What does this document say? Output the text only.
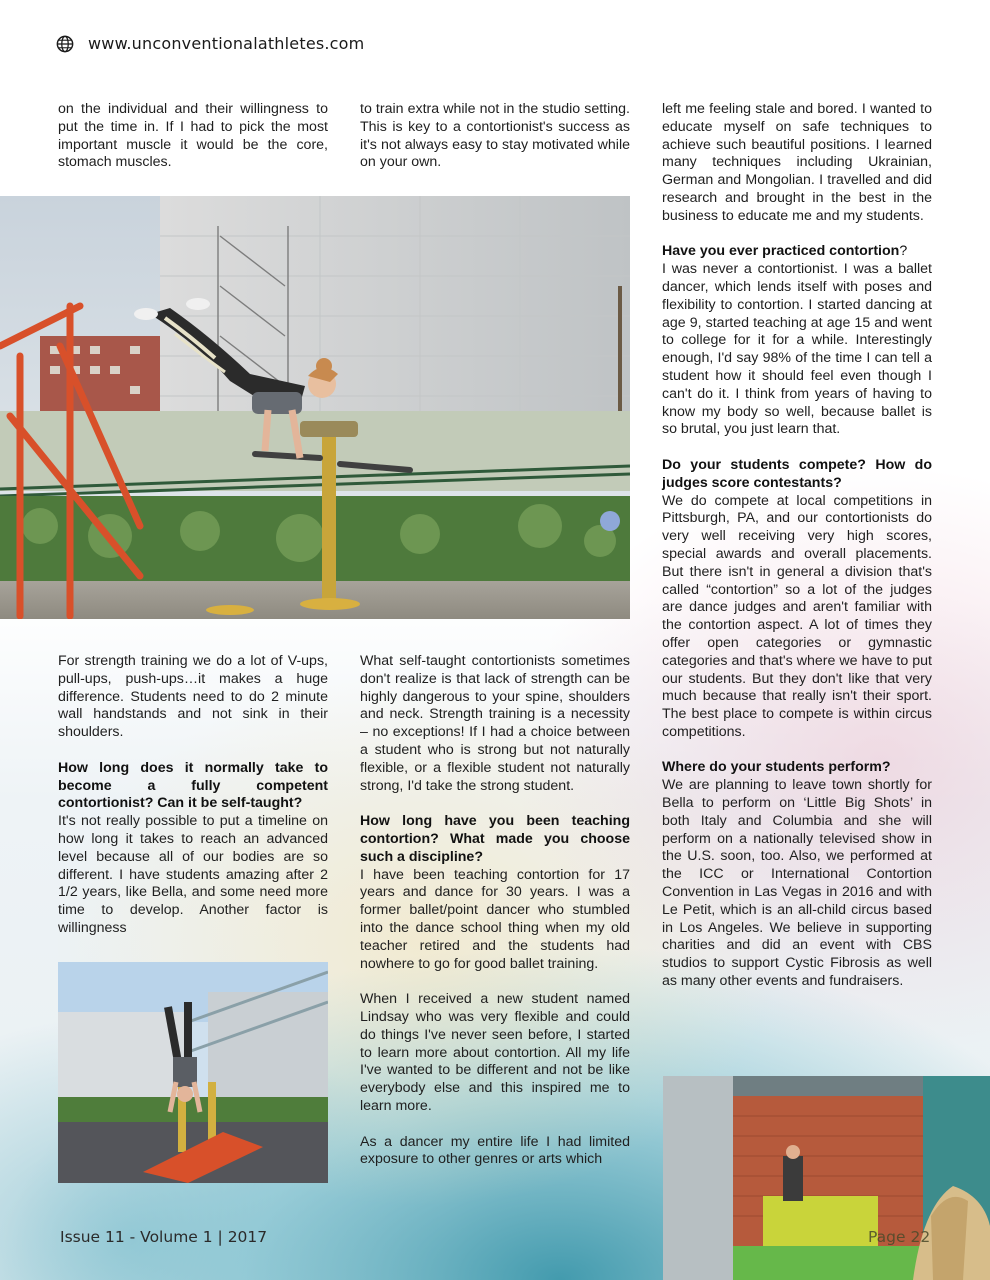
www.unconventionalathletes.com

on the individual and their willingness to put the time in. If I had to pick the most important muscle it would be the core, stomach muscles.

to train extra while not in the studio setting. This is key to a contortionist's success as it's not always easy to stay motivated while on your own.

left me feeling stale and bored. I wanted to educate myself on safe techniques to achieve such beautiful positions. I learned many techniques including Ukrainian, German and Mongolian. I travelled and did research and brought in the best in the business to educate me and my students.

Have you ever practiced contortion?

I was never a contortionist. I was a ballet dancer, which lends itself with poses and flexibility to contortion. I started dancing at age 9, started teaching at age 15 and went to college for it for a while. Interestingly enough, I'd say 98% of the time I can tell a student how it should feel even though I can't do it. I think from years of having to know my body so well, because ballet is so brutal, you just learn that.

Do your students compete? How do judges score contestants?

We do compete at local competitions in Pittsburgh, PA, and our contortionists do very well receiving very high scores, special awards and overall placements. But there isn't in general a division that's called “contortion” so a lot of the judges are dance judges and aren't familiar with the contortion aspect. A lot of times they offer open categories or gymnastic categories and that's where we have to put our students. But they don't like that very much because that really isn't their sport. The best place to compete is within circus competitions.

Where do your students perform?

We are planning to leave town shortly for Bella to perform on ‘Little Big Shots’ in both Italy and Columbia and she will perform on a nationally televised show in the U.S. soon, too. Also, we performed at the ICC or International Contortion Convention in Las Vegas in 2016 and with Le Petit, which is an all-child circus based in Los Angeles. We believe in supporting charities and did an event with CBS studios to support Cystic Fibrosis as well as many other events and fundraisers.

For strength training we do a lot of V-ups, pull-ups, push-ups…it makes a huge difference. Students need to do 2 minute wall handstands and not sink in their shoulders.

How long does it normally take to become a fully competent contortionist? Can it be self-taught?

It's not really possible to put a timeline on how long it takes to reach an advanced level because all of our bodies are so different. I have students amazing after 2 1/2 years, like Bella, and some need more time to develop. Another factor is willingness

What self-taught contortionists sometimes don't realize is that lack of strength can be highly dangerous to your spine, shoulders and neck. Strength training is a necessity – no exceptions! If I had a choice between a student who is strong but not naturally flexible, or a flexible student not naturally strong, I'd take the strong student.

How long have you been teaching contortion? What made you choose such a discipline?

I have been teaching contortion for 17 years and dance for 30 years. I was a former ballet/point dancer who stumbled into the dance school thing when my old teacher retired and the students had nowhere to go for good ballet training.

When I received a new student named Lindsay who was very flexible and could do things I've never seen before, I started to learn more about contortion. All my life I've wanted to be different and not be like everybody else and this inspired me to learn more.

As a dancer my entire life I had limited exposure to other genres or arts which

Issue 11 - Volume 1 | 2017	Page 22
